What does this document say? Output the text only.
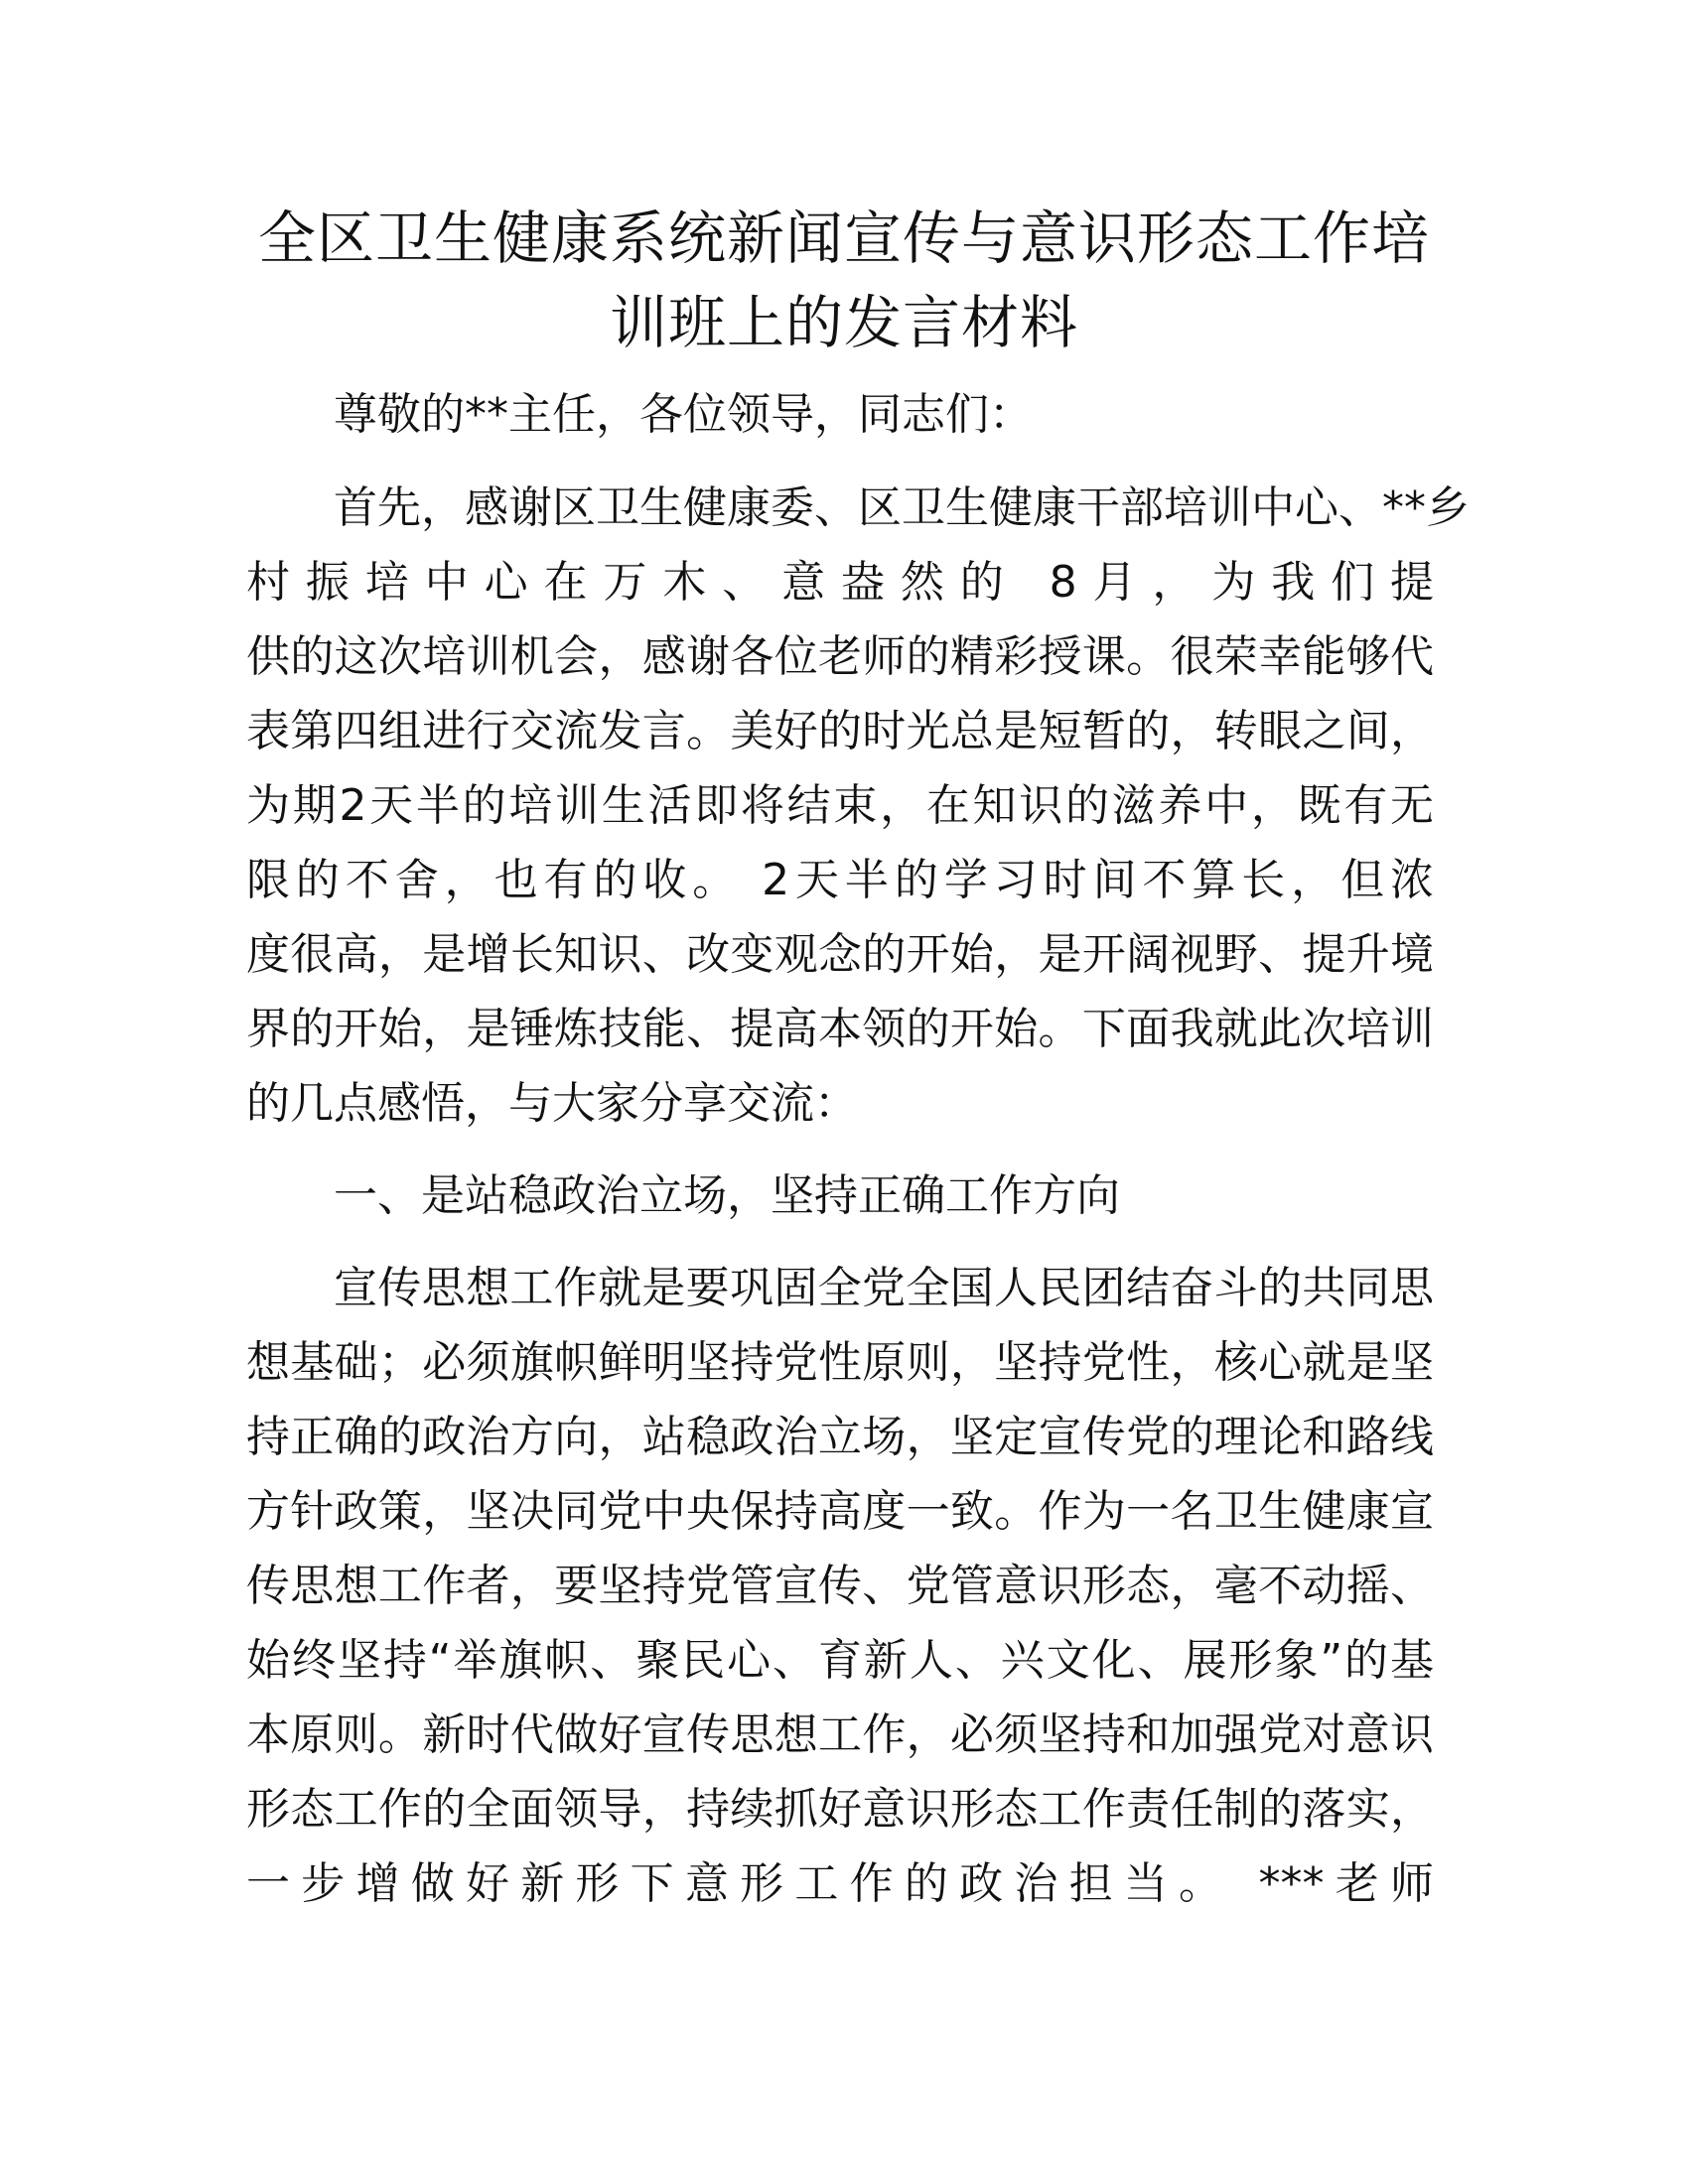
全区卫生健康系统新闻宣传与意识形态工作培
训班上的发言材料

尊敬的**主任，各位领导，同志们：

首先，感谢区卫生健康委、区卫生健康干部培训中心、**乡

村振培中心在万木、意盎然的 8月，为我们提

供的这次培训机会，感谢各位老师的精彩授课。很荣幸能够代

表第四组进行交流发言。美好的时光总是短暂的，转眼之间，

为期2天半的培训生活即将结束，在知识的滋养中，既有无

限的不舍，也有的收。 2天半的学习时间不算长，但浓

度很高，是增长知识、改变观念的开始，是开阔视野、提升境

界的开始，是锤炼技能、提高本领的开始。下面我就此次培训

的几点感悟，与大家分享交流：

一、是站稳政治立场，坚持正确工作方向

宣传思想工作就是要巩固全党全国人民团结奋斗的共同思

想基础；必须旗帜鲜明坚持党性原则，坚持党性，核心就是坚

持正确的政治方向，站稳政治立场，坚定宣传党的理论和路线

方针政策，坚决同党中央保持高度一致。作为一名卫生健康宣

传思想工作者，要坚持党管宣传、党管意识形态，毫不动摇、

始终坚持“举旗帜、聚民心、育新人、兴文化、展形象”的基

本原则。新时代做好宣传思想工作，必须坚持和加强党对意识

形态工作的全面领导，持续抓好意识形态工作责任制的落实，

一步增做好新形下意形工作的政治担当。 ***老师
